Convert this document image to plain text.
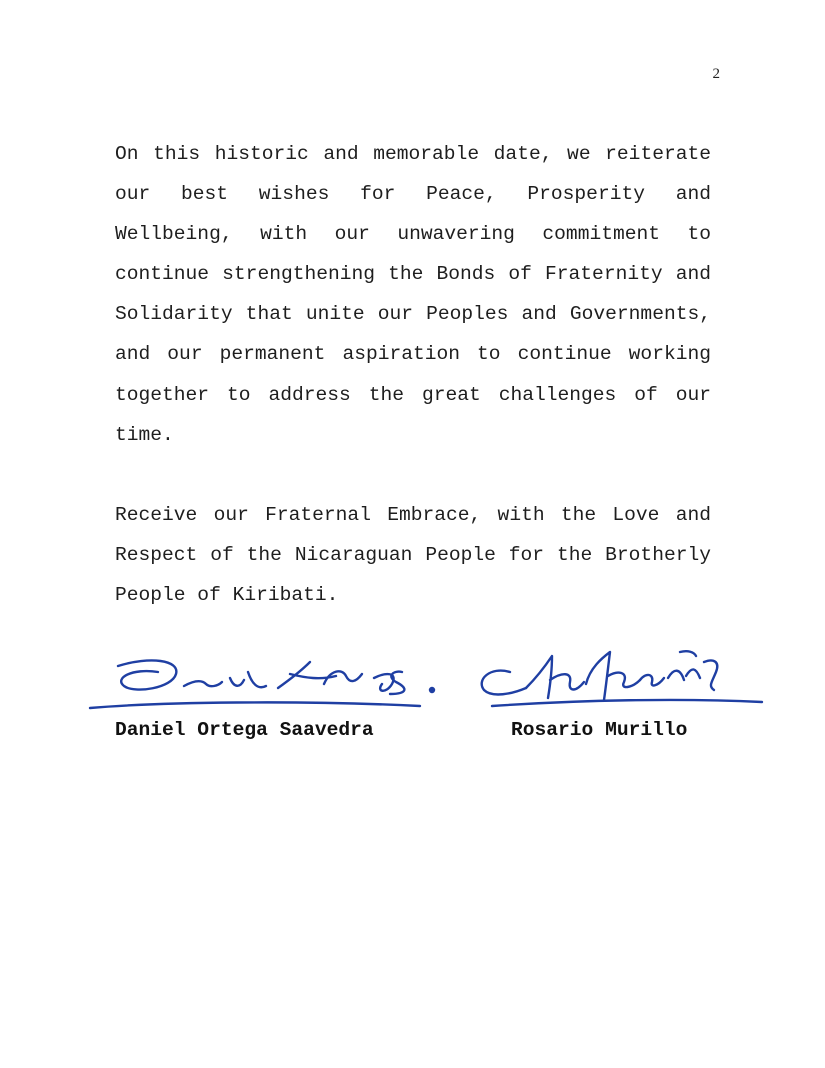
2

On this historic and memorable date, we reiterate our best wishes for Peace, Prosperity and Wellbeing, with our unwavering commitment to continue strengthening the Bonds of Fraternity and Solidarity that unite our Peoples and Governments, and our permanent aspiration to continue working together to address the great challenges of our time.

Receive our Fraternal Embrace, with the Love and Respect of the Nicaraguan People for the Brotherly People of Kiribati.

Daniel Ortega Saavedra	Rosario Murillo
